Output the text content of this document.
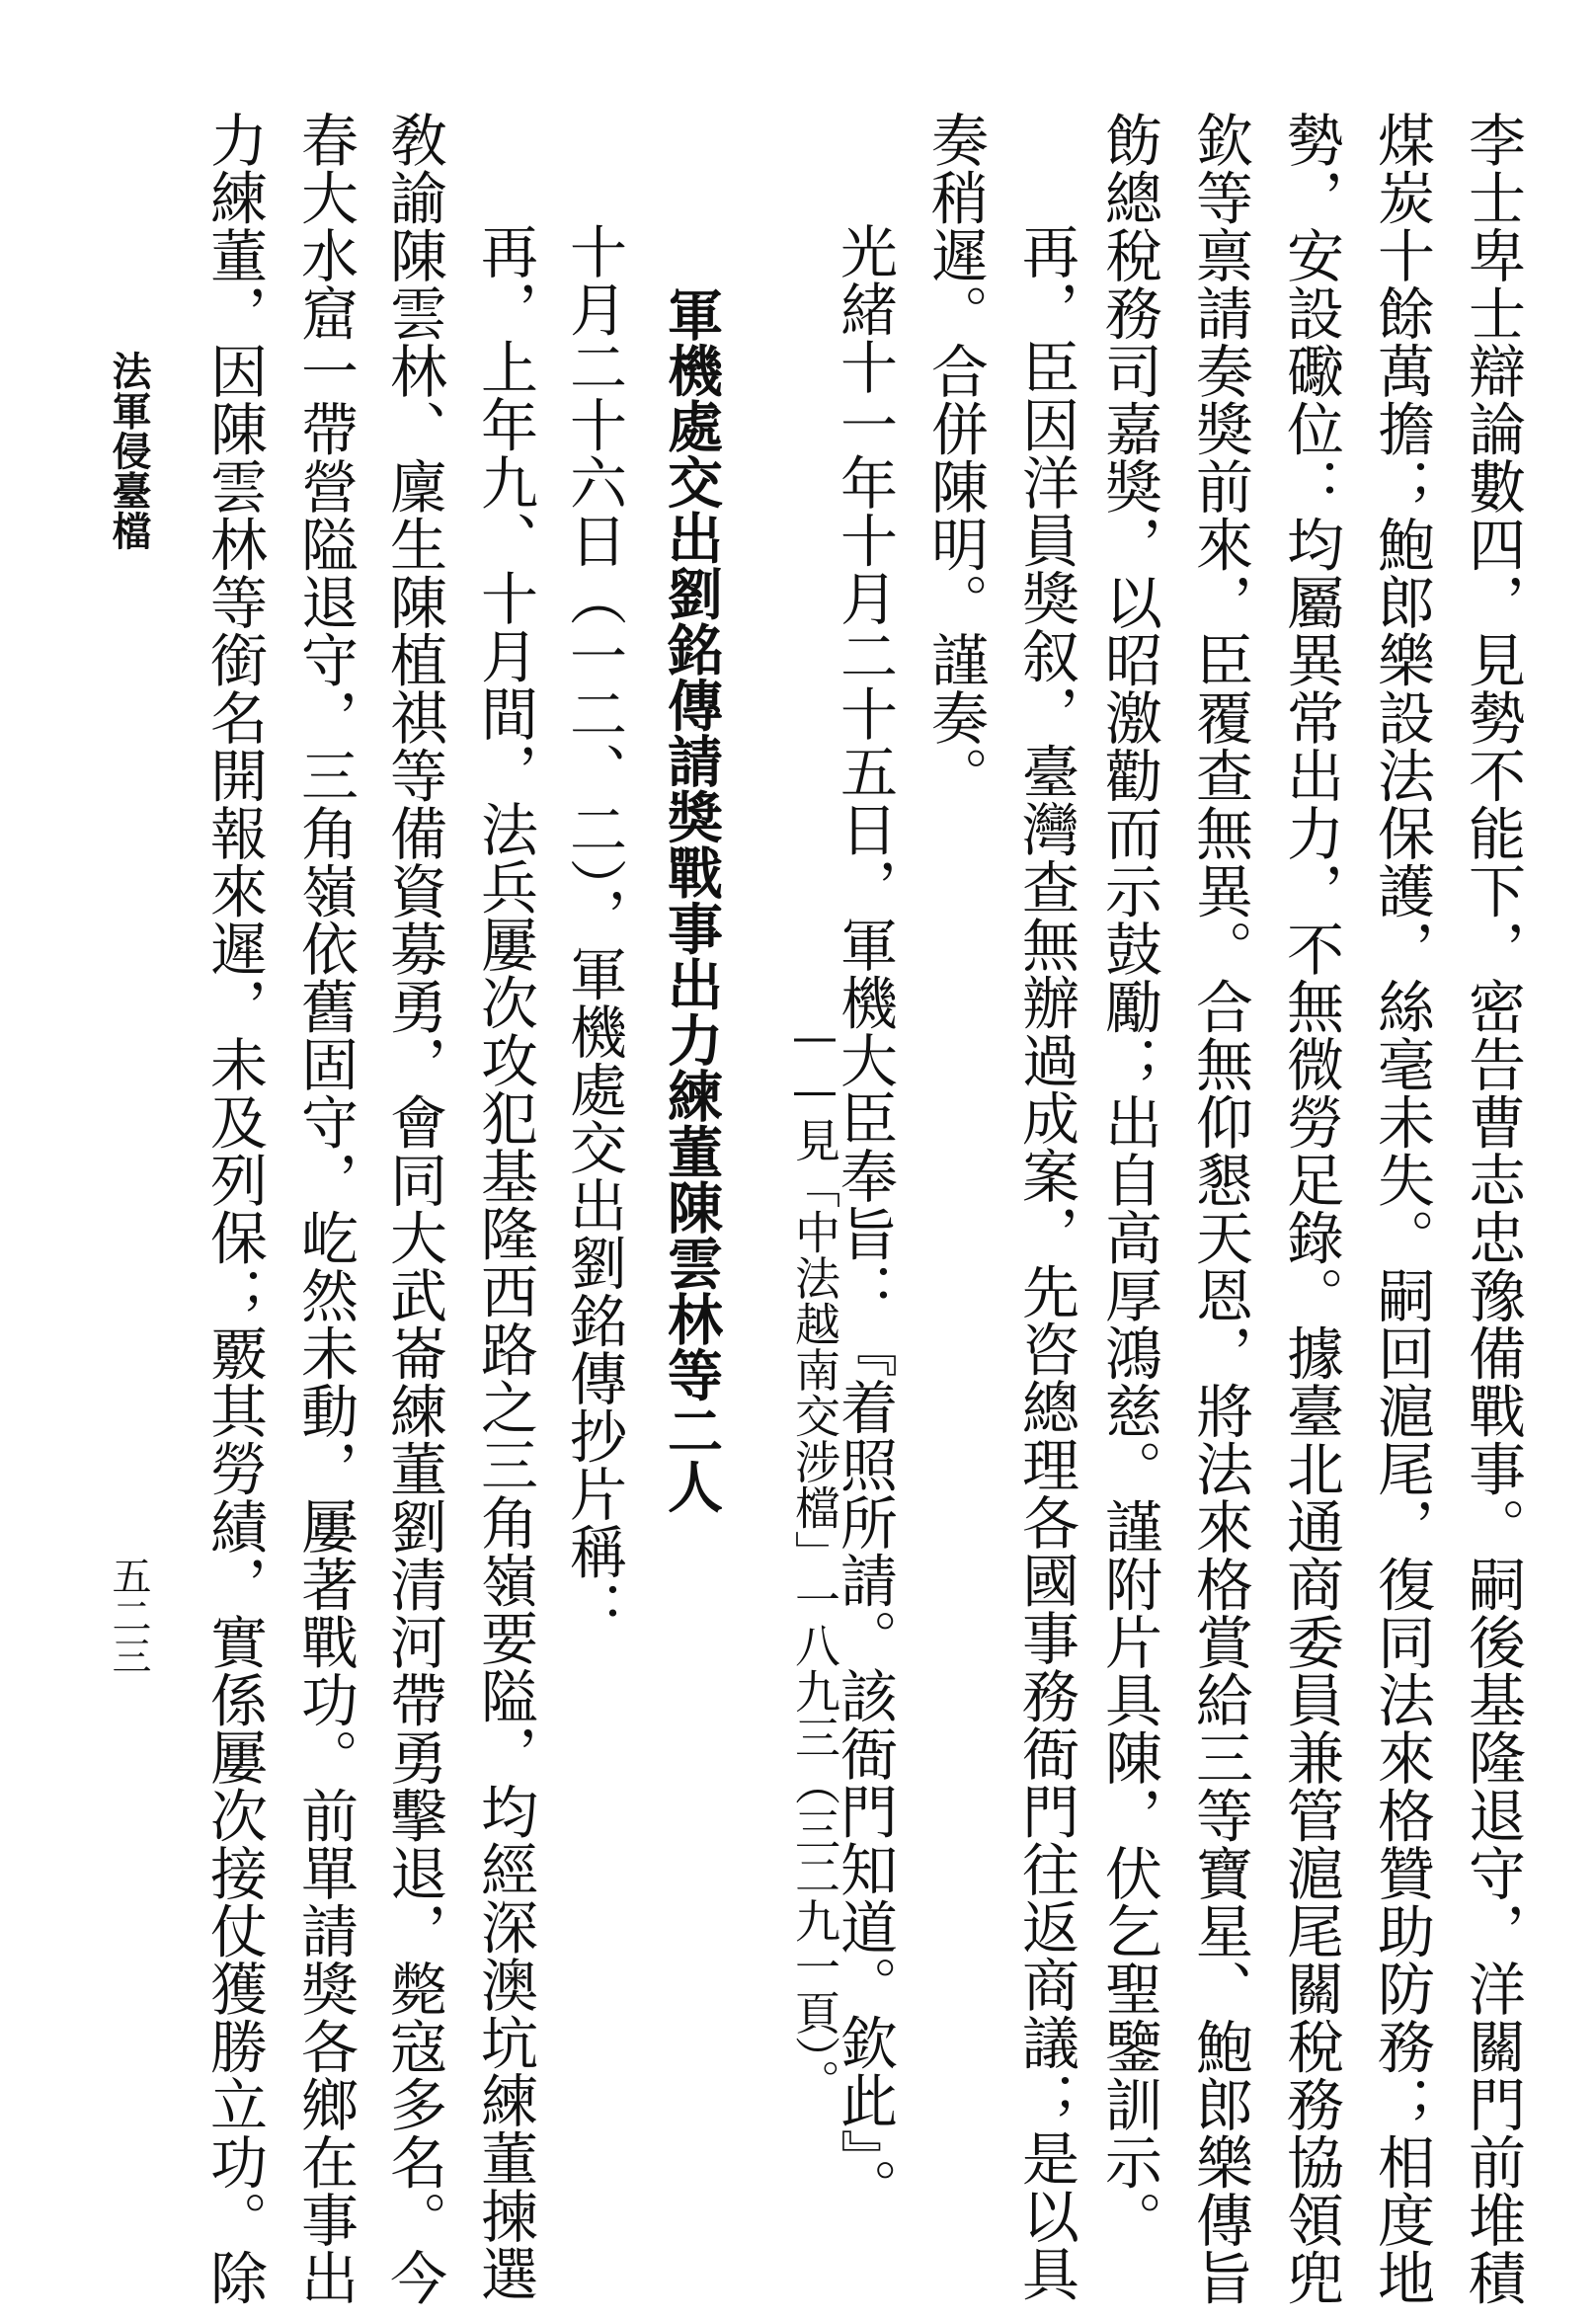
李士卑士辯論數四，見勢不能下，密告曹志忠豫備戰事。嗣後基隆退守，洋關門前堆積
煤炭十餘萬擔；鮑郎樂設法保護，絲毫未失。嗣回滬尾，復同法來格贊助防務；相度地
勢，安設礮位：均屬異常出力，不無微勞足錄。據臺北通商委員兼管滬尾關稅務協領兜
欽等禀請奏獎前來，臣覆查無異。合無仰懇天恩，將法來格賞給三等寶星、鮑郎樂傳旨
飭總稅務司嘉獎，以昭激勸而示鼓勵；出自高厚鴻慈。謹附片具陳，伏乞聖鑒訓示。
再，臣因洋員獎叙，臺灣查無辦過成案，先咨總理各國事務衙門往返商議；是以具
奏稍遲。合併陳明。謹奏。
光緒十一年十月二十五日，軍機大臣奉旨：『着照所請。該衙門知道。欽此』。
——見「中法越南交涉檔」一八九三（三二九一頁）。
軍機處交出劉銘傳請獎戰事出力練董陳雲林等二人
十月二十六日（一二、二），軍機處交出劉銘傳抄片稱：
再，上年九、十月間，法兵屢次攻犯基隆西路之三角嶺要隘，均經深澳坑練董揀選
敎諭陳雲林、廩生陳植祺等備資募勇，會同大武崙練董劉清河帶勇擊退，斃寇多名。今
春大水窟一帶營隘退守，三角嶺依舊固守，屹然未動，屢著戰功。前單請獎各鄉在事出
力練董，因陳雲林等銜名開報來遲，未及列保；覈其勞績，實係屢次接仗獲勝立功。除
法軍侵臺檔
五二三
